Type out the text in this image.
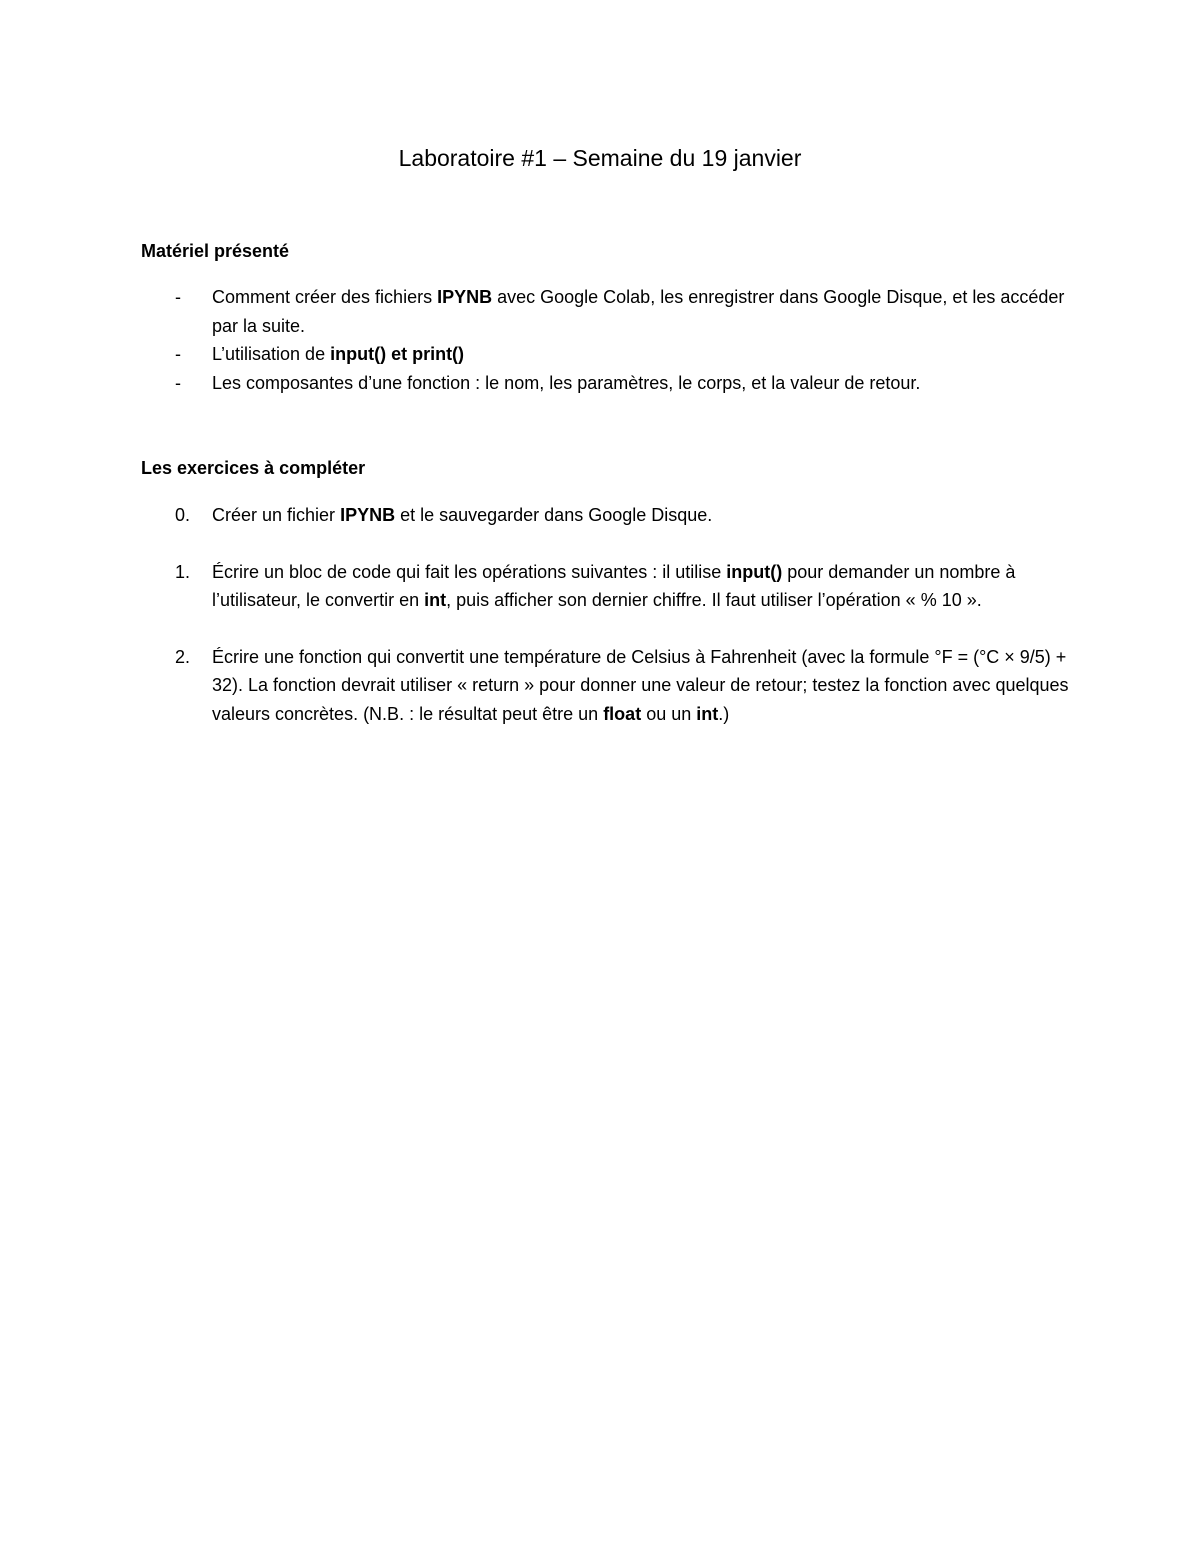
Laboratoire #1 – Semaine du 19 janvier
Matériel présenté
- Comment créer des fichiers IPYNB avec Google Colab, les enregistrer dans Google Disque, et les accéder par la suite.
- L’utilisation de input() et print()
- Les composantes d’une fonction : le nom, les paramètres, le corps, et la valeur de retour.
Les exercices à compléter
0. Créer un fichier IPYNB et le sauvegarder dans Google Disque.
1. Écrire un bloc de code qui fait les opérations suivantes : il utilise input() pour demander un nombre à l’utilisateur, le convertir en int, puis afficher son dernier chiffre. Il faut utiliser l’opération « % 10 ».
2. Écrire une fonction qui convertit une température de Celsius à Fahrenheit (avec la formule °F = (°C × 9/5) + 32). La fonction devrait utiliser « return » pour donner une valeur de retour; testez la fonction avec quelques valeurs concrètes. (N.B. : le résultat peut être un float ou un int.)
